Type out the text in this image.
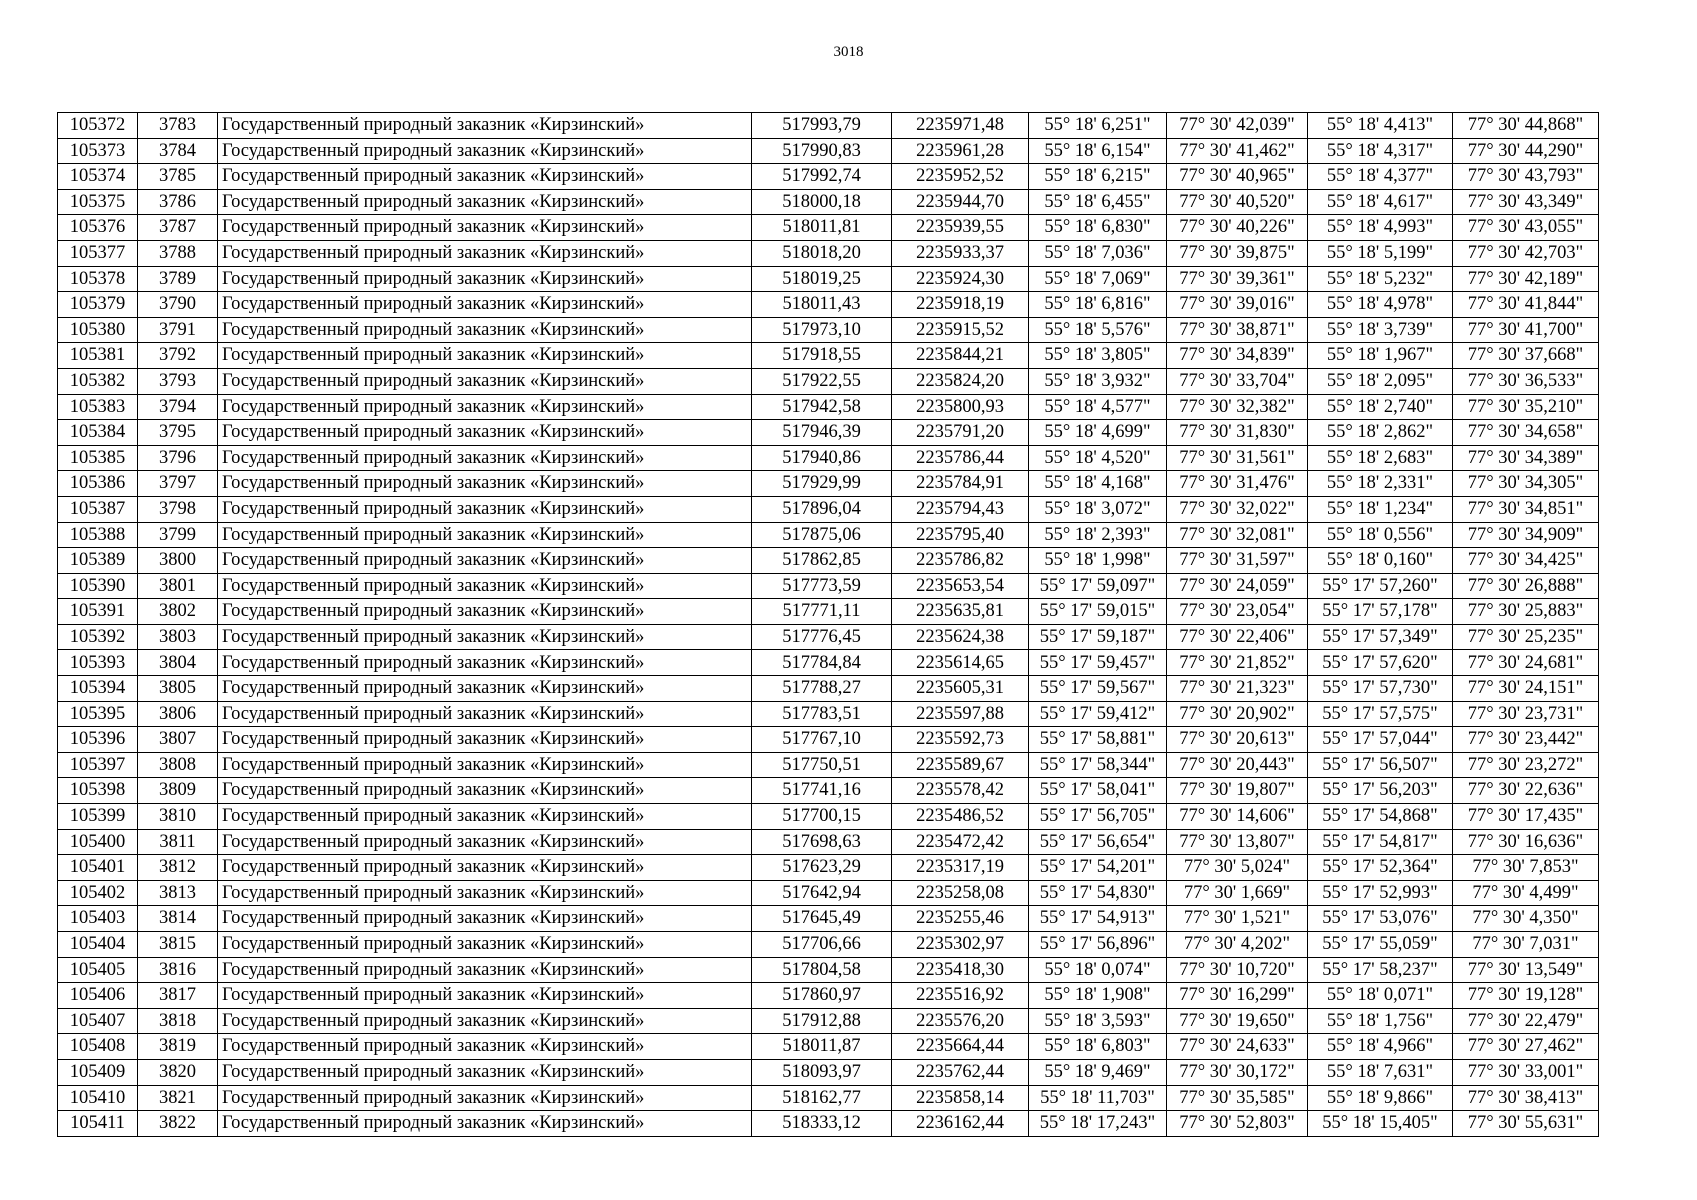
3018
105372	3783	Государственный природный заказник «Кирзинский»	517993,79	2235971,48	55° 18' 6,251"	77° 30' 42,039"	55° 18' 4,413"	77° 30' 44,868"
105373	3784	Государственный природный заказник «Кирзинский»	517990,83	2235961,28	55° 18' 6,154"	77° 30' 41,462"	55° 18' 4,317"	77° 30' 44,290"
105374	3785	Государственный природный заказник «Кирзинский»	517992,74	2235952,52	55° 18' 6,215"	77° 30' 40,965"	55° 18' 4,377"	77° 30' 43,793"
105375	3786	Государственный природный заказник «Кирзинский»	518000,18	2235944,70	55° 18' 6,455"	77° 30' 40,520"	55° 18' 4,617"	77° 30' 43,349"
105376	3787	Государственный природный заказник «Кирзинский»	518011,81	2235939,55	55° 18' 6,830"	77° 30' 40,226"	55° 18' 4,993"	77° 30' 43,055"
105377	3788	Государственный природный заказник «Кирзинский»	518018,20	2235933,37	55° 18' 7,036"	77° 30' 39,875"	55° 18' 5,199"	77° 30' 42,703"
105378	3789	Государственный природный заказник «Кирзинский»	518019,25	2235924,30	55° 18' 7,069"	77° 30' 39,361"	55° 18' 5,232"	77° 30' 42,189"
105379	3790	Государственный природный заказник «Кирзинский»	518011,43	2235918,19	55° 18' 6,816"	77° 30' 39,016"	55° 18' 4,978"	77° 30' 41,844"
105380	3791	Государственный природный заказник «Кирзинский»	517973,10	2235915,52	55° 18' 5,576"	77° 30' 38,871"	55° 18' 3,739"	77° 30' 41,700"
105381	3792	Государственный природный заказник «Кирзинский»	517918,55	2235844,21	55° 18' 3,805"	77° 30' 34,839"	55° 18' 1,967"	77° 30' 37,668"
105382	3793	Государственный природный заказник «Кирзинский»	517922,55	2235824,20	55° 18' 3,932"	77° 30' 33,704"	55° 18' 2,095"	77° 30' 36,533"
105383	3794	Государственный природный заказник «Кирзинский»	517942,58	2235800,93	55° 18' 4,577"	77° 30' 32,382"	55° 18' 2,740"	77° 30' 35,210"
105384	3795	Государственный природный заказник «Кирзинский»	517946,39	2235791,20	55° 18' 4,699"	77° 30' 31,830"	55° 18' 2,862"	77° 30' 34,658"
105385	3796	Государственный природный заказник «Кирзинский»	517940,86	2235786,44	55° 18' 4,520"	77° 30' 31,561"	55° 18' 2,683"	77° 30' 34,389"
105386	3797	Государственный природный заказник «Кирзинский»	517929,99	2235784,91	55° 18' 4,168"	77° 30' 31,476"	55° 18' 2,331"	77° 30' 34,305"
105387	3798	Государственный природный заказник «Кирзинский»	517896,04	2235794,43	55° 18' 3,072"	77° 30' 32,022"	55° 18' 1,234"	77° 30' 34,851"
105388	3799	Государственный природный заказник «Кирзинский»	517875,06	2235795,40	55° 18' 2,393"	77° 30' 32,081"	55° 18' 0,556"	77° 30' 34,909"
105389	3800	Государственный природный заказник «Кирзинский»	517862,85	2235786,82	55° 18' 1,998"	77° 30' 31,597"	55° 18' 0,160"	77° 30' 34,425"
105390	3801	Государственный природный заказник «Кирзинский»	517773,59	2235653,54	55° 17' 59,097"	77° 30' 24,059"	55° 17' 57,260"	77° 30' 26,888"
105391	3802	Государственный природный заказник «Кирзинский»	517771,11	2235635,81	55° 17' 59,015"	77° 30' 23,054"	55° 17' 57,178"	77° 30' 25,883"
105392	3803	Государственный природный заказник «Кирзинский»	517776,45	2235624,38	55° 17' 59,187"	77° 30' 22,406"	55° 17' 57,349"	77° 30' 25,235"
105393	3804	Государственный природный заказник «Кирзинский»	517784,84	2235614,65	55° 17' 59,457"	77° 30' 21,852"	55° 17' 57,620"	77° 30' 24,681"
105394	3805	Государственный природный заказник «Кирзинский»	517788,27	2235605,31	55° 17' 59,567"	77° 30' 21,323"	55° 17' 57,730"	77° 30' 24,151"
105395	3806	Государственный природный заказник «Кирзинский»	517783,51	2235597,88	55° 17' 59,412"	77° 30' 20,902"	55° 17' 57,575"	77° 30' 23,731"
105396	3807	Государственный природный заказник «Кирзинский»	517767,10	2235592,73	55° 17' 58,881"	77° 30' 20,613"	55° 17' 57,044"	77° 30' 23,442"
105397	3808	Государственный природный заказник «Кирзинский»	517750,51	2235589,67	55° 17' 58,344"	77° 30' 20,443"	55° 17' 56,507"	77° 30' 23,272"
105398	3809	Государственный природный заказник «Кирзинский»	517741,16	2235578,42	55° 17' 58,041"	77° 30' 19,807"	55° 17' 56,203"	77° 30' 22,636"
105399	3810	Государственный природный заказник «Кирзинский»	517700,15	2235486,52	55° 17' 56,705"	77° 30' 14,606"	55° 17' 54,868"	77° 30' 17,435"
105400	3811	Государственный природный заказник «Кирзинский»	517698,63	2235472,42	55° 17' 56,654"	77° 30' 13,807"	55° 17' 54,817"	77° 30' 16,636"
105401	3812	Государственный природный заказник «Кирзинский»	517623,29	2235317,19	55° 17' 54,201"	77° 30' 5,024"	55° 17' 52,364"	77° 30' 7,853"
105402	3813	Государственный природный заказник «Кирзинский»	517642,94	2235258,08	55° 17' 54,830"	77° 30' 1,669"	55° 17' 52,993"	77° 30' 4,499"
105403	3814	Государственный природный заказник «Кирзинский»	517645,49	2235255,46	55° 17' 54,913"	77° 30' 1,521"	55° 17' 53,076"	77° 30' 4,350"
105404	3815	Государственный природный заказник «Кирзинский»	517706,66	2235302,97	55° 17' 56,896"	77° 30' 4,202"	55° 17' 55,059"	77° 30' 7,031"
105405	3816	Государственный природный заказник «Кирзинский»	517804,58	2235418,30	55° 18' 0,074"	77° 30' 10,720"	55° 17' 58,237"	77° 30' 13,549"
105406	3817	Государственный природный заказник «Кирзинский»	517860,97	2235516,92	55° 18' 1,908"	77° 30' 16,299"	55° 18' 0,071"	77° 30' 19,128"
105407	3818	Государственный природный заказник «Кирзинский»	517912,88	2235576,20	55° 18' 3,593"	77° 30' 19,650"	55° 18' 1,756"	77° 30' 22,479"
105408	3819	Государственный природный заказник «Кирзинский»	518011,87	2235664,44	55° 18' 6,803"	77° 30' 24,633"	55° 18' 4,966"	77° 30' 27,462"
105409	3820	Государственный природный заказник «Кирзинский»	518093,97	2235762,44	55° 18' 9,469"	77° 30' 30,172"	55° 18' 7,631"	77° 30' 33,001"
105410	3821	Государственный природный заказник «Кирзинский»	518162,77	2235858,14	55° 18' 11,703"	77° 30' 35,585"	55° 18' 9,866"	77° 30' 38,413"
105411	3822	Государственный природный заказник «Кирзинский»	518333,12	2236162,44	55° 18' 17,243"	77° 30' 52,803"	55° 18' 15,405"	77° 30' 55,631"
